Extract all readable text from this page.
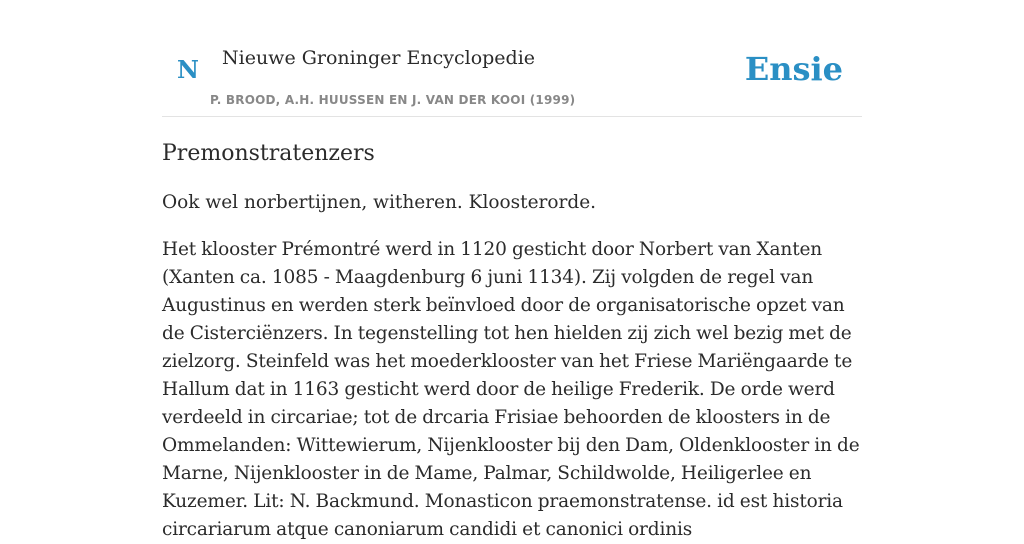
N Nieuwe Groninger Encyclopedie
P. BROOD, A.H. HUUSSEN EN J. VAN DER KOOI (1999)
Ensie
Premonstratenzers

Ook wel norbertijnen, witheren. Kloosterorde.

Het klooster Prémontré werd in 1120 gesticht door Norbert van Xanten (Xanten ca. 1085 - Maagdenburg 6 juni 1134). Zij volgden de regel van Augustinus en werden sterk beïnvloed door de organisatorische opzet van de Cisterciënzers. In tegenstelling tot hen hielden zij zich wel bezig met de zielzorg. Steinfeld was het moederklooster van het Friese Mariëngaarde te Hallum dat in 1163 gesticht werd door de heilige Frederik. De orde werd verdeeld in circariae; tot de drcaria Frisiae behoorden de kloosters in de Ommelanden: Wittewierum, Nijenklooster bij den Dam, Oldenklooster in de Marne, Nijenklooster in de Mame, Palmar, Schildwolde, Heiligerlee en Kuzemer. Lit: N. Backmund. Monasticon praemonstratense. id est historia circariarum atque canoniarum candidi et canonici ordinis
